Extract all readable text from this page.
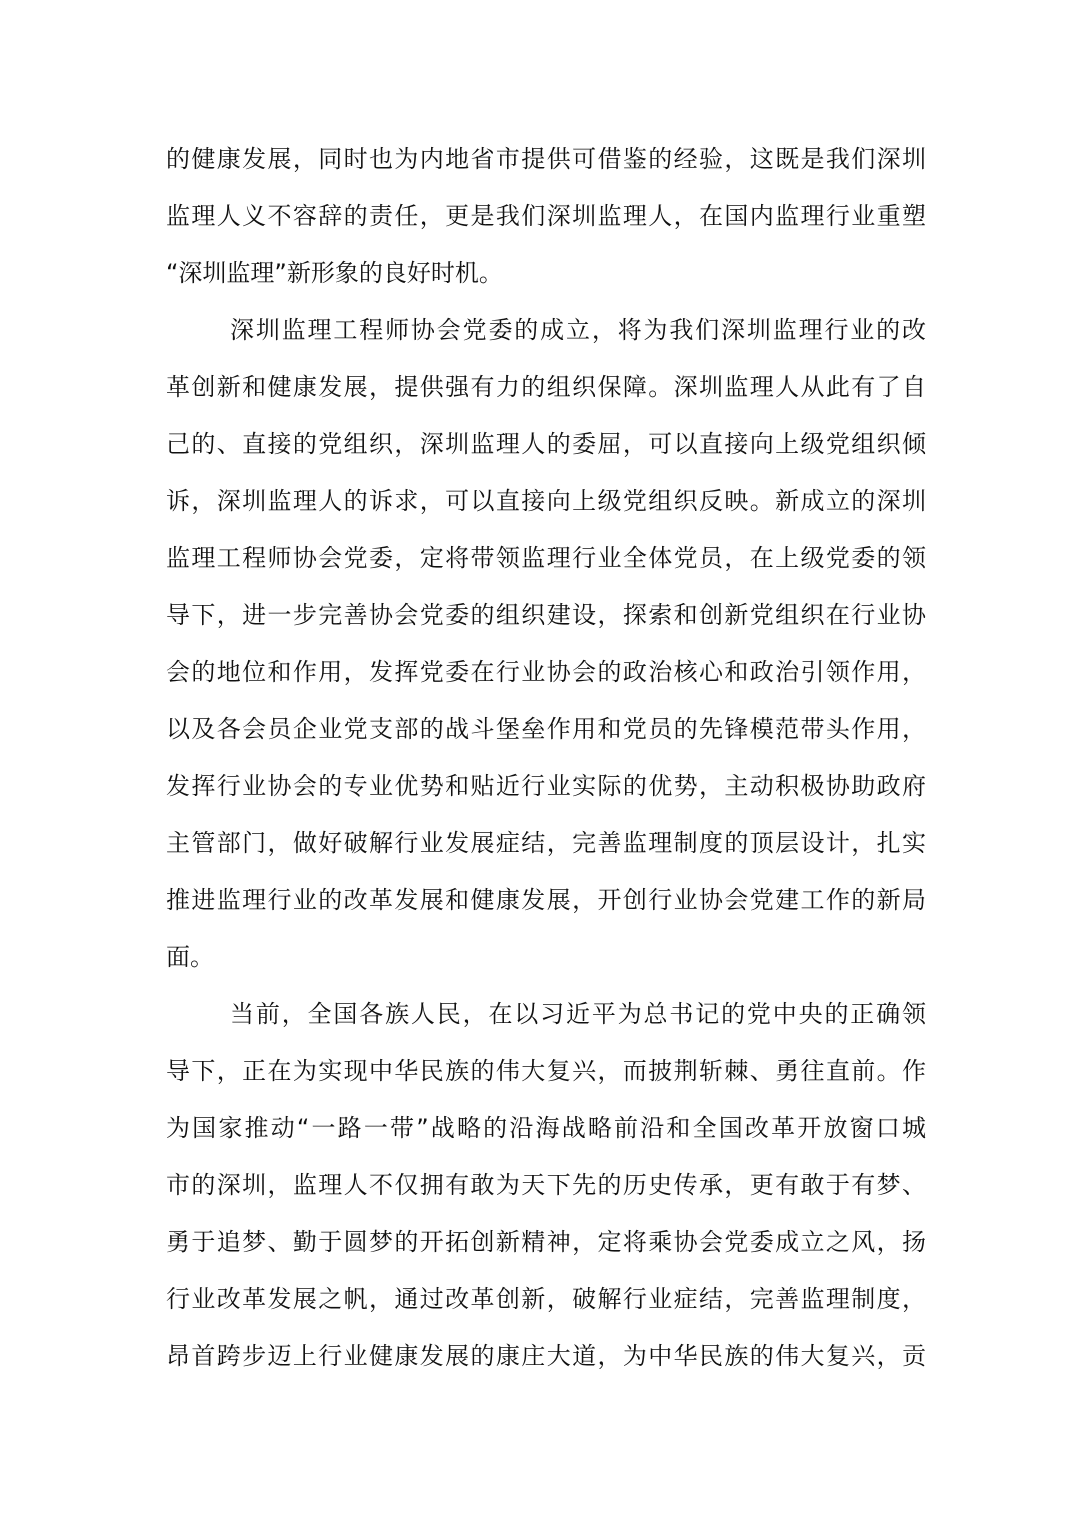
的健康发展，同时也为内地省市提供可借鉴的经验，这既是我们深圳
监理人义不容辞的责任，更是我们深圳监理人，在国内监理行业重塑
“深圳监理”新形象的良好时机。
深圳监理工程师协会党委的成立，将为我们深圳监理行业的改
革创新和健康发展，提供强有力的组织保障。深圳监理人从此有了自
己的、直接的党组织，深圳监理人的委屈，可以直接向上级党组织倾
诉，深圳监理人的诉求，可以直接向上级党组织反映。新成立的深圳
监理工程师协会党委，定将带领监理行业全体党员，在上级党委的领
导下，进一步完善协会党委的组织建设，探索和创新党组织在行业协
会的地位和作用，发挥党委在行业协会的政治核心和政治引领作用，
以及各会员企业党支部的战斗堡垒作用和党员的先锋模范带头作用，
发挥行业协会的专业优势和贴近行业实际的优势，主动积极协助政府
主管部门，做好破解行业发展症结，完善监理制度的顶层设计，扎实
推进监理行业的改革发展和健康发展，开创行业协会党建工作的新局
面。
当前，全国各族人民，在以习近平为总书记的党中央的正确领
导下，正在为实现中华民族的伟大复兴，而披荆斩棘、勇往直前。作
为国家推动“一路一带”战略的沿海战略前沿和全国改革开放窗口城
市的深圳，监理人不仅拥有敢为天下先的历史传承，更有敢于有梦、
勇于追梦、勤于圆梦的开拓创新精神，定将乘协会党委成立之风，扬
行业改革发展之帆，通过改革创新，破解行业症结，完善监理制度，
昂首跨步迈上行业健康发展的康庄大道，为中华民族的伟大复兴，贡
